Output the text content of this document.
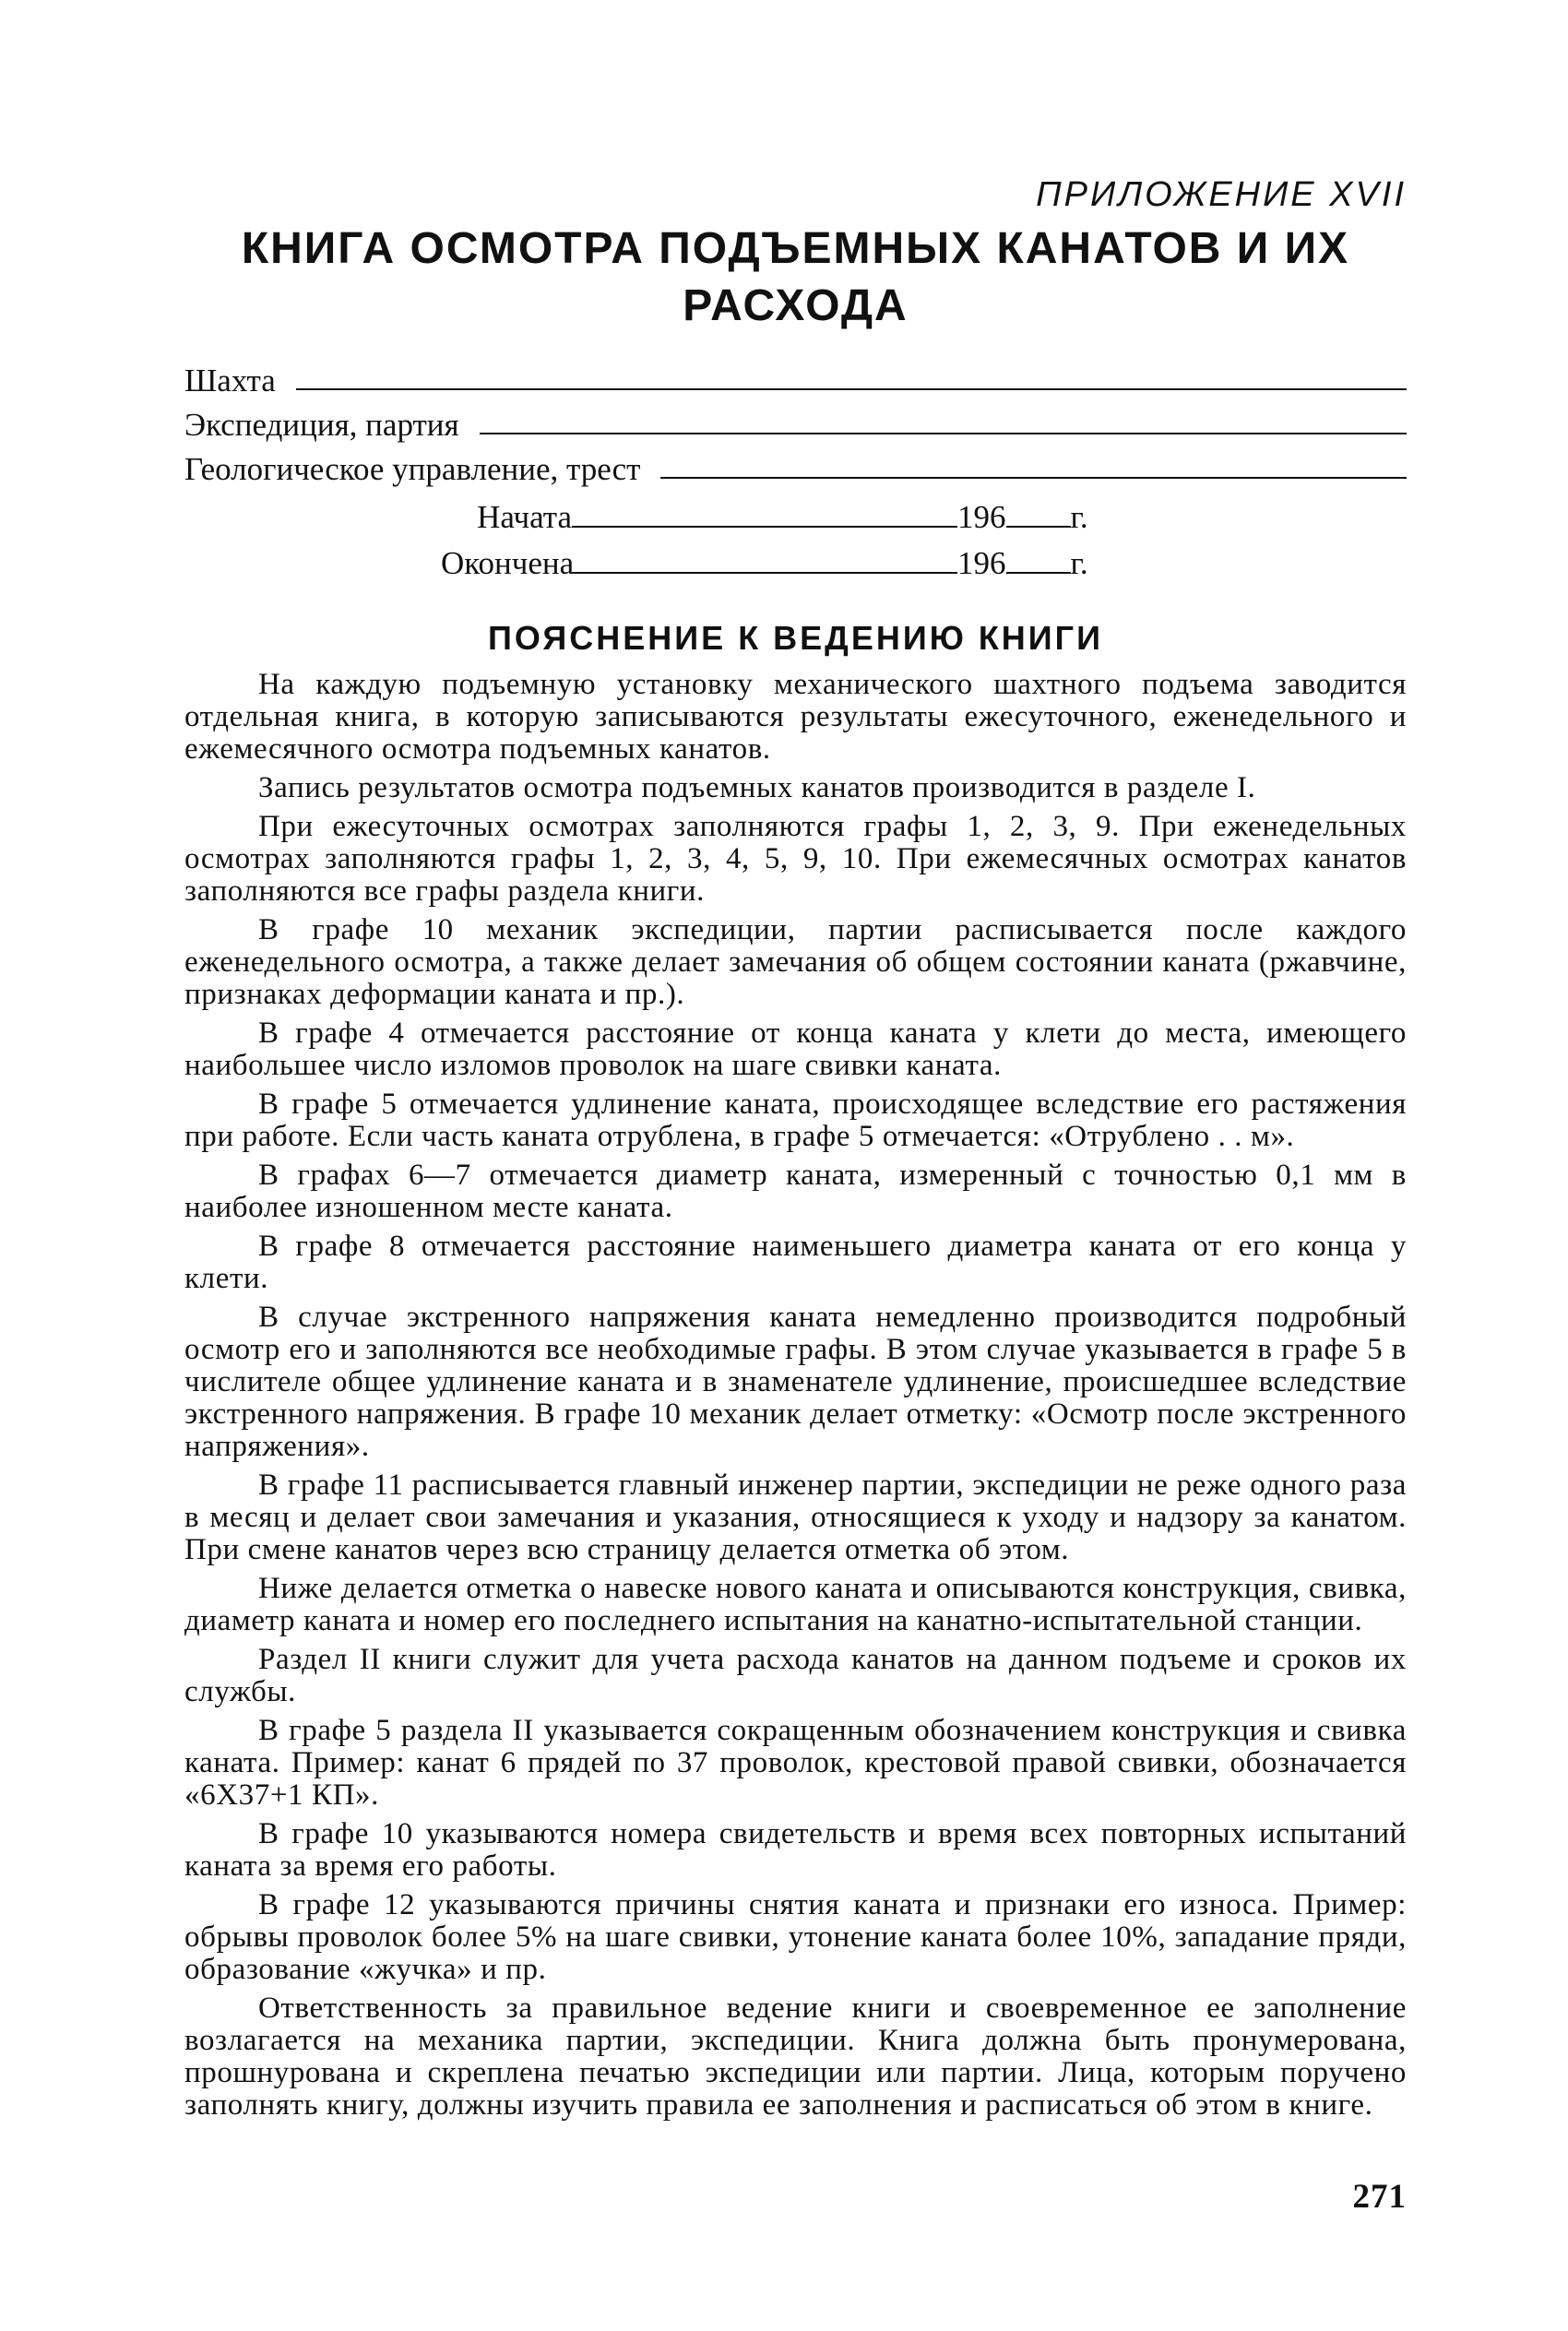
ПРИЛОЖЕНИЕ XVII
КНИГА ОСМОТРА ПОДЪЕМНЫХ КАНАТОВ И ИХ РАСХОДА
Шахта
Экспедиция, партия
Геологическое управление, трест
Начата	196 г.
Окончена	196 г.
ПОЯСНЕНИЕ К ВЕДЕНИЮ КНИГИ

На каждую подъемную установку механического шахтного подъема заводится отдельная книга, в которую записываются результаты ежесуточного, еженедельного и ежемесячного осмотра подъемных канатов.

Запись результатов осмотра подъемных канатов производится в разделе I.

При ежесуточных осмотрах заполняются графы 1, 2, 3, 9. При еженедельных осмотрах заполняются графы 1, 2, 3, 4, 5, 9, 10. При ежемесячных осмотрах канатов заполняются все графы раздела книги.

В графе 10 механик экспедиции, партии расписывается после каждого еженедельного осмотра, а также делает замечания об общем состоянии каната (ржавчине, признаках деформации каната и пр.).

В графе 4 отмечается расстояние от конца каната у клети до места, имеющего наибольшее число изломов проволок на шаге свивки каната.

В графе 5 отмечается удлинение каната, происходящее вследствие его растяжения при работе. Если часть каната отрублена, в графе 5 отмечается: «Отрублено . . м».

В графах 6—7 отмечается диаметр каната, измеренный с точностью 0,1 мм в наиболее изношенном месте каната.

В графе 8 отмечается расстояние наименьшего диаметра каната от его конца у клети.

В случае экстренного напряжения каната немедленно производится подробный осмотр его и заполняются все необходимые графы. В этом случае указывается в графе 5 в числителе общее удлинение каната и в знаменателе удлинение, происшедшее вследствие экстренного напряжения. В графе 10 механик делает отметку: «Осмотр после экстренного напряжения».

В графе 11 расписывается главный инженер партии, экспедиции не реже одного раза в месяц и делает свои замечания и указания, относящиеся к уходу и надзору за канатом. При смене канатов через всю страницу делается отметка об этом.

Ниже делается отметка о навеске нового каната и описываются конструкция, свивка, диаметр каната и номер его последнего испытания на канатно-испытательной станции.

Раздел II книги служит для учета расхода канатов на данном подъеме и сроков их службы.

В графе 5 раздела II указывается сокращенным обозначением конструкция и свивка каната. Пример: канат 6 прядей по 37 проволок, крестовой правой свивки, обозначается «6X37+1 КП».

В графе 10 указываются номера свидетельств и время всех повторных испытаний каната за время его работы.

В графе 12 указываются причины снятия каната и признаки его износа. Пример: обрывы проволок более 5% на шаге свивки, утонение каната более 10%, западание пряди, образование «жучка» и пр.

Ответственность за правильное ведение книги и своевременное ее заполнение возлагается на механика партии, экспедиции. Книга должна быть пронумерована, прошнурована и скреплена печатью экспедиции или партии. Лица, которым поручено заполнять книгу, должны изучить правила ее заполнения и расписаться об этом в книге.

271
